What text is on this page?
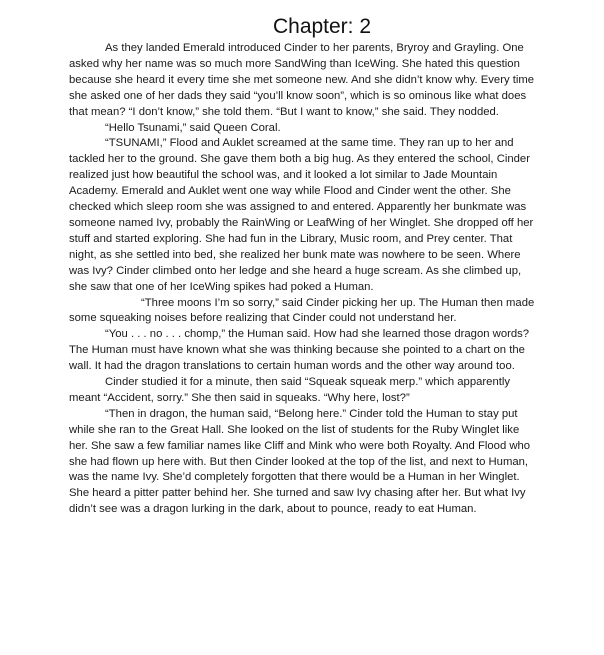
Chapter: 2

As they landed Emerald introduced Cinder to her parents, Bryroy and Grayling. One asked why her name was so much more SandWing than IceWing. She hated this question because she heard it every time she met someone new. And she didn’t know why. Every time she asked one of her dads they said “you’ll know soon”, which is so ominous like what does that mean? “I don’t know,” she told them. “But I want to know,” she said. They nodded.

“Hello Tsunami,” said Queen Coral.

“TSUNAMI,” Flood and Auklet screamed at the same time. They ran up to her and tackled her to the ground. She gave them both a big hug. As they entered the school, Cinder realized just how beautiful the school was, and it looked a lot similar to Jade Mountain Academy. Emerald and Auklet went one way while Flood and Cinder went the other. She checked which sleep room she was assigned to and entered. Apparently her bunkmate was someone named Ivy, probably the RainWing or LeafWing of her Winglet. She dropped off her stuff and started exploring. She had fun in the Library, Music room, and Prey center. That night, as she settled into bed, she realized her bunk mate was nowhere to be seen. Where was Ivy? Cinder climbed onto her ledge and she heard a huge scream. As she climbed up, she saw that one of her IceWing spikes had poked a Human.

“Three moons I’m so sorry,” said Cinder picking her up. The Human then made some squeaking noises before realizing that Cinder could not understand her.

“You . . . no . . . chomp,” the Human said. How had she learned those dragon words? The Human must have known what she was thinking because she pointed to a chart on the wall. It had the dragon translations to certain human words and the other way around too.

Cinder studied it for a minute, then said “Squeak squeak merp.” which apparently meant “Accident, sorry.” She then said in squeaks. “Why here, lost?”

“Then in dragon, the human said, “Belong here.” Cinder told the Human to stay put while she ran to the Great Hall. She looked on the list of students for the Ruby Winglet like her. She saw a few familiar names like Cliff and Mink who were both Royalty. And Flood who she had flown up here with. But then Cinder looked at the top of the list, and next to Human, was the name Ivy. She’d completely forgotten that there would be a Human in her Winglet. She heard a pitter patter behind her. She turned and saw Ivy chasing after her. But what Ivy didn’t see was a dragon lurking in the dark, about to pounce, ready to eat Human.
